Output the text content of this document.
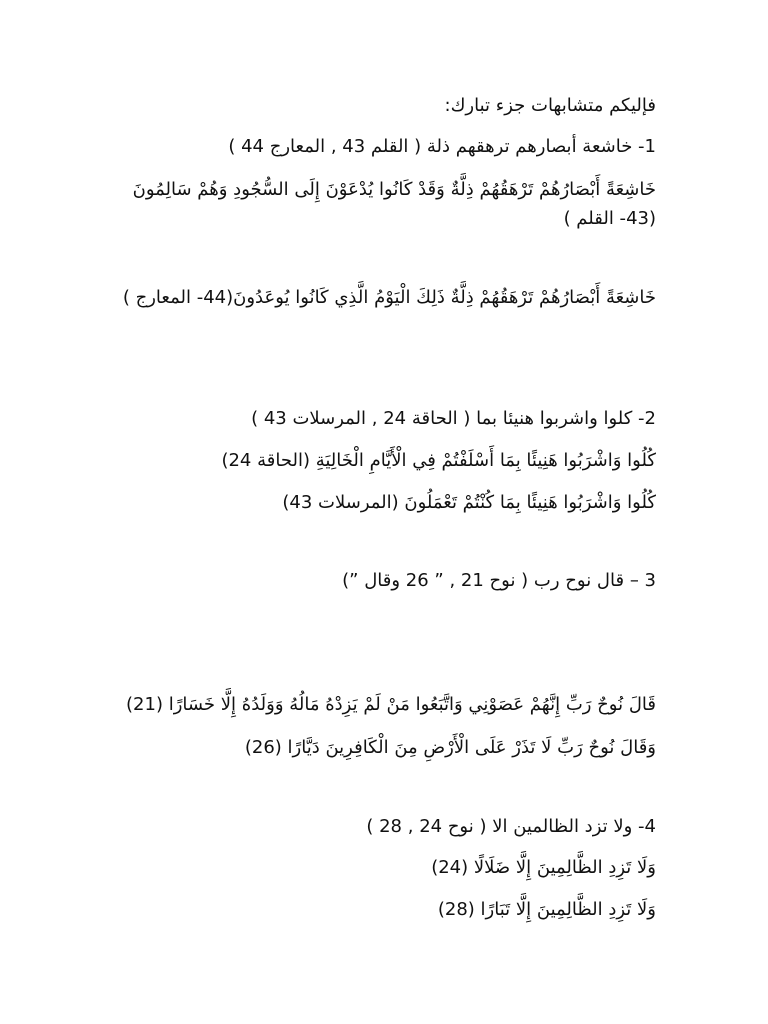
فإليكم متشابهات جزء تبارك:
1- خاشعة أبصارهم ترهقهم ذلة ( القلم 43 , المعارج 44 )
خَاشِعَةً أَبْصَارُهُمْ تَرْهَقُهُمْ ذِلَّةٌ وَقَدْ كَانُوا يُدْعَوْنَ إِلَى السُّجُودِ وَهُمْ سَالِمُونَ (43- القلم )
خَاشِعَةً أَبْصَارُهُمْ تَرْهَقُهُمْ ذِلَّةٌ ذَلِكَ الْيَوْمُ الَّذِي كَانُوا يُوعَدُونَ(44- المعارج )
2- كلوا واشربوا هنيئا بما ( الحاقة 24 , المرسلات 43 )
كُلُوا وَاشْرَبُوا هَنِيئًا بِمَا أَسْلَفْتُمْ فِي الْأَيَّامِ الْخَالِيَةِ (الحاقة 24)
كُلُوا وَاشْرَبُوا هَنِيئًا بِمَا كُنْتُمْ تَعْمَلُونَ (المرسلات 43)
3 – قال نوح رب ( نوح 21 , ” 26 وقال ”)
قَالَ نُوحٌ رَبِّ إِنَّهُمْ عَصَوْنِي وَاتَّبَعُوا مَنْ لَمْ يَزِدْهُ مَالُهُ وَوَلَدُهُ إِلَّا خَسَارًا (21)
وَقَالَ نُوحٌ رَبِّ لَا تَذَرْ عَلَى الْأَرْضِ مِنَ الْكَافِرِينَ دَيَّارًا (26)
4- ولا تزد الظالمين الا ( نوح 24 , 28 )
وَلَا تَزِدِ الظَّالِمِينَ إِلَّا ضَلَالًا (24)
وَلَا تَزِدِ الظَّالِمِينَ إِلَّا تَبَارًا (28)
